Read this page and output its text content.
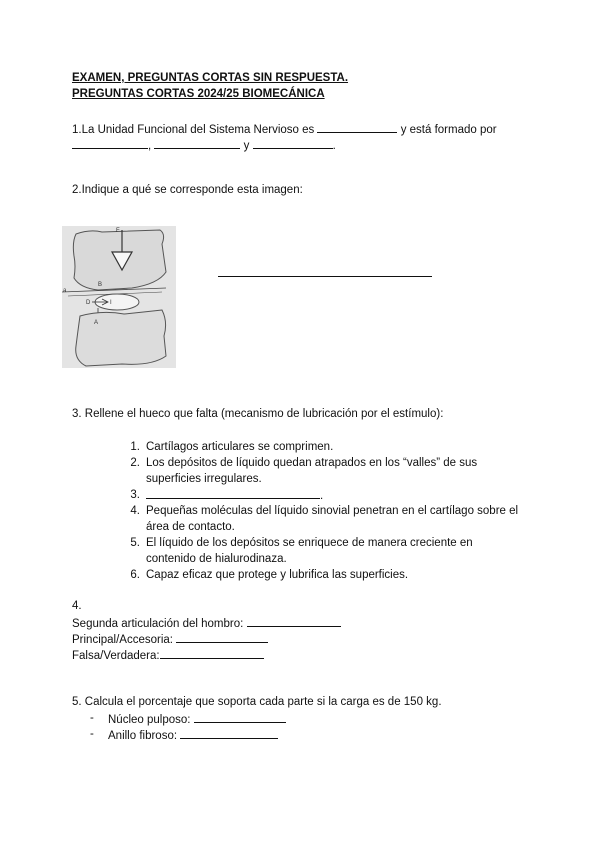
EXAMEN, PREGUNTAS CORTAS SIN RESPUESTA.
PREGUNTAS CORTAS 2024/25 BIOMECÁNICA
1.La Unidad Funcional del Sistema Nervioso es	y está formado por
,	y	.
2.Indique a qué se corresponde esta imagen:
F
B
a
D	I
A
3. Rellene el hueco que falta (mecanismo de lubricación por el estímulo):
1. Cartílagos articulares se comprimen.
2. Los depósitos de líquido quedan atrapados en los “valles” de sus superficies irregulares.
3.	.
4. Pequeñas moléculas del líquido sinovial penetran en el cartílago sobre el área de contacto.
5. El líquido de los depósitos se enriquece de manera creciente en contenido de hialurodinaza.
6. Capaz eficaz que protege y lubrifica las superficies.
4.
Segunda articulación del hombro:
Principal/Accesoria:
Falsa/Verdadera:
5. Calcula el porcentaje que soporta cada parte si la carga es de 150 kg.
- Núcleo pulposo:
- Anillo fibroso:
